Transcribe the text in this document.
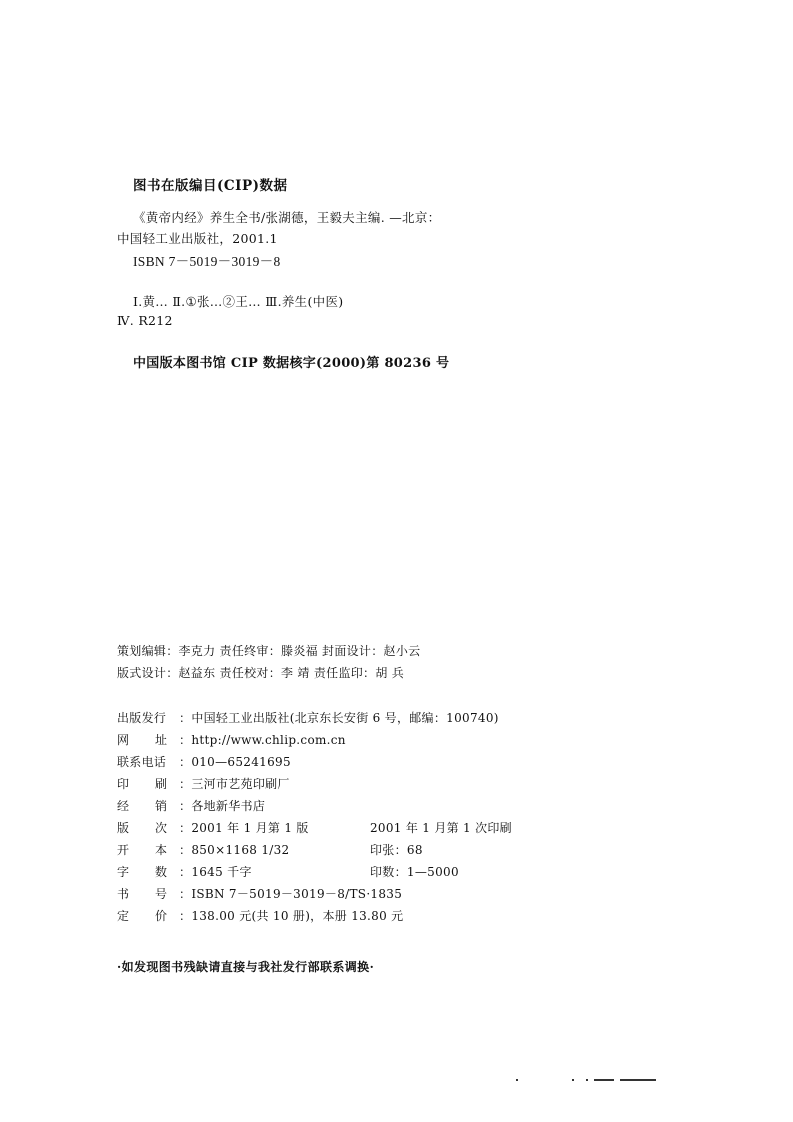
图书在版编目(CIP)数据
《黄帝内经》养生全书/张湖德，王毅夫主编. —北京：
中国轻工业出版社，2001.1
ISBN 7－5019－3019－8
Ⅰ.黄… Ⅱ.①张…②王… Ⅲ.养生(中医)
Ⅳ. R212
中国版本图书馆 CIP 数据核字(2000)第 80236 号
策划编辑：李克力 责任终审：滕炎福 封面设计：赵小云
版式设计：赵益东 责任校对：李 靖 责任监印：胡 兵
出版发行 ：中国轻工业出版社(北京东长安街 6 号，邮编：100740)
网 址 ：http://www.chlip.com.cn
联系电话 ：010—65241695
印 刷 ：三河市艺苑印刷厂
经 销 ：各地新华书店
版 次 ：2001 年 1 月第 1 版	2001 年 1 月第 1 次印刷
开 本 ：850×1168 1/32	印张：68
字 数 ：1645 千字	印数：1—5000
书 号 ：ISBN 7－5019－3019－8/TS·1835
定 价 ：138.00 元(共 10 册)，本册 13.80 元
·如发现图书残缺请直接与我社发行部联系调换·
